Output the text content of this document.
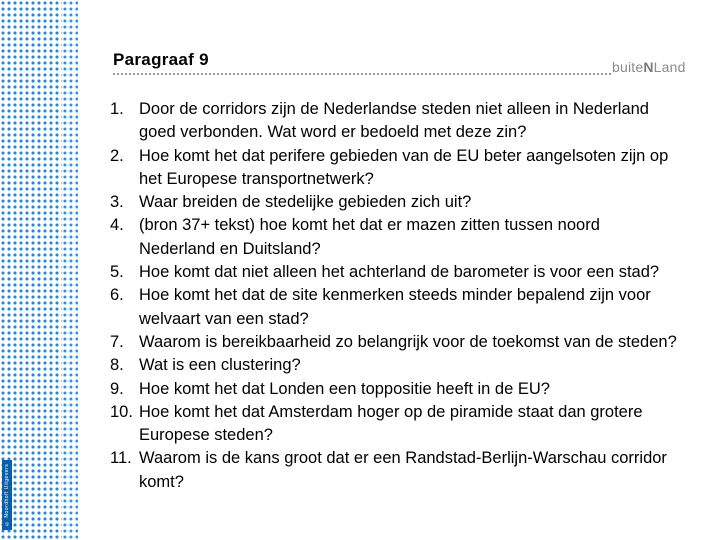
© Noordhoff Uitgevers
Paragraaf 9	buiteNLand
1. Door de corridors zijn de Nederlandse steden niet alleen in Nederland goed verbonden. Wat word er bedoeld met deze zin?
2. Hoe komt het dat perifere gebieden van de EU beter aangelsoten zijn op het Europese transportnetwerk?
3. Waar breiden de stedelijke gebieden zich uit?
4. (bron 37+ tekst) hoe komt het dat er mazen zitten tussen noord Nederland en Duitsland?
5. Hoe komt dat niet alleen het achterland de barometer is voor een stad?
6. Hoe komt het dat de site kenmerken steeds minder bepalend zijn voor welvaart van een stad?
7. Waarom is bereikbaarheid zo belangrijk voor de toekomst van de steden?
8. Wat is een clustering?
9. Hoe komt het dat Londen een toppositie heeft in de EU?
10. Hoe komt het dat Amsterdam hoger op de piramide staat dan grotere Europese steden?
11. Waarom is de kans groot dat er een Randstad-Berlijn-Warschau corridor komt?
